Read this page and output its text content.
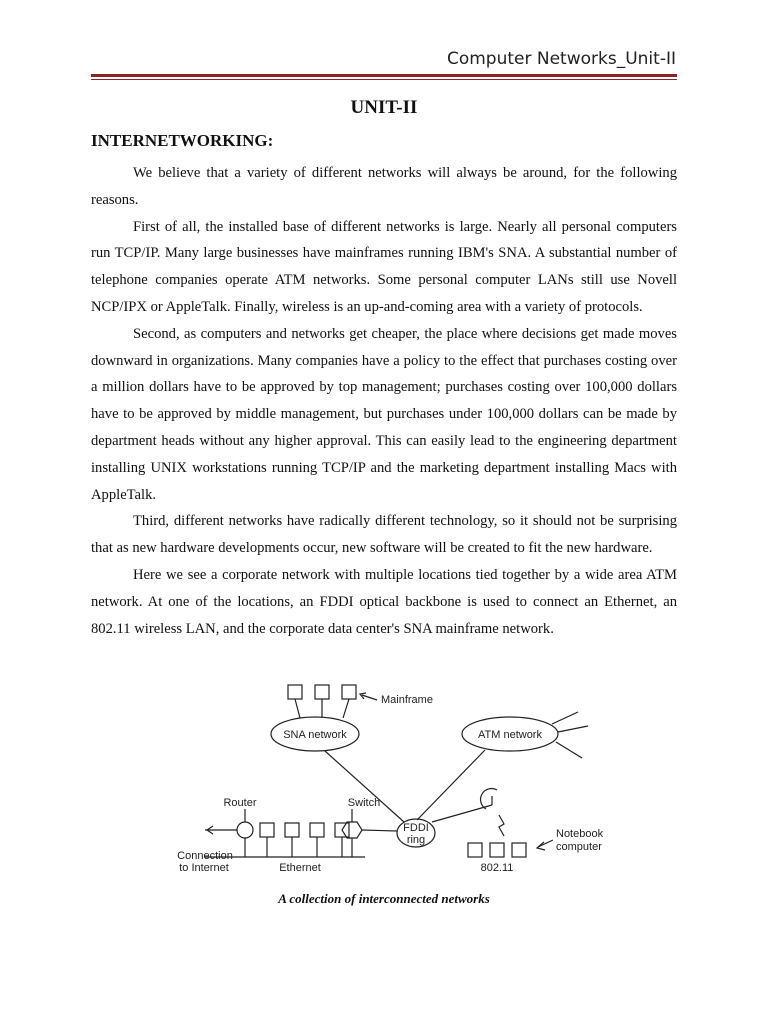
Computer Networks_Unit-II
UNIT-II
INTERNETWORKING:

We believe that a variety of different networks will always be around, for the following reasons.

First of all, the installed base of different networks is large. Nearly all personal computers run TCP/IP. Many large businesses have mainframes running IBM's SNA. A substantial number of telephone companies operate ATM networks. Some personal computer LANs still use Novell NCP/IPX or AppleTalk. Finally, wireless is an up-and-coming area with a variety of protocols.

Second, as computers and networks get cheaper, the place where decisions get made moves downward in organizations. Many companies have a policy to the effect that purchases costing over a million dollars have to be approved by top management; purchases costing over 100,000 dollars have to be approved by middle management, but purchases under 100,000 dollars can be made by department heads without any higher approval. This can easily lead to the engineering department installing UNIX workstations running TCP/IP and the marketing department installing Macs with AppleTalk.

Third, different networks have radically different technology, so it should not be surprising that as new hardware developments occur, new software will be created to fit the new hardware.

Here we see a corporate network with multiple locations tied together by a wide area ATM network. At one of the locations, an FDDI optical backbone is used to connect an Ethernet, an 802.11 wireless LAN, and the corporate data center's SNA mainframe network.

Mainframe
SNA network	ATM network
Router	Switch
FDDI
ring	Notebook
computer
Connection
to Internet	Ethernet	802.11
A collection of interconnected networks
